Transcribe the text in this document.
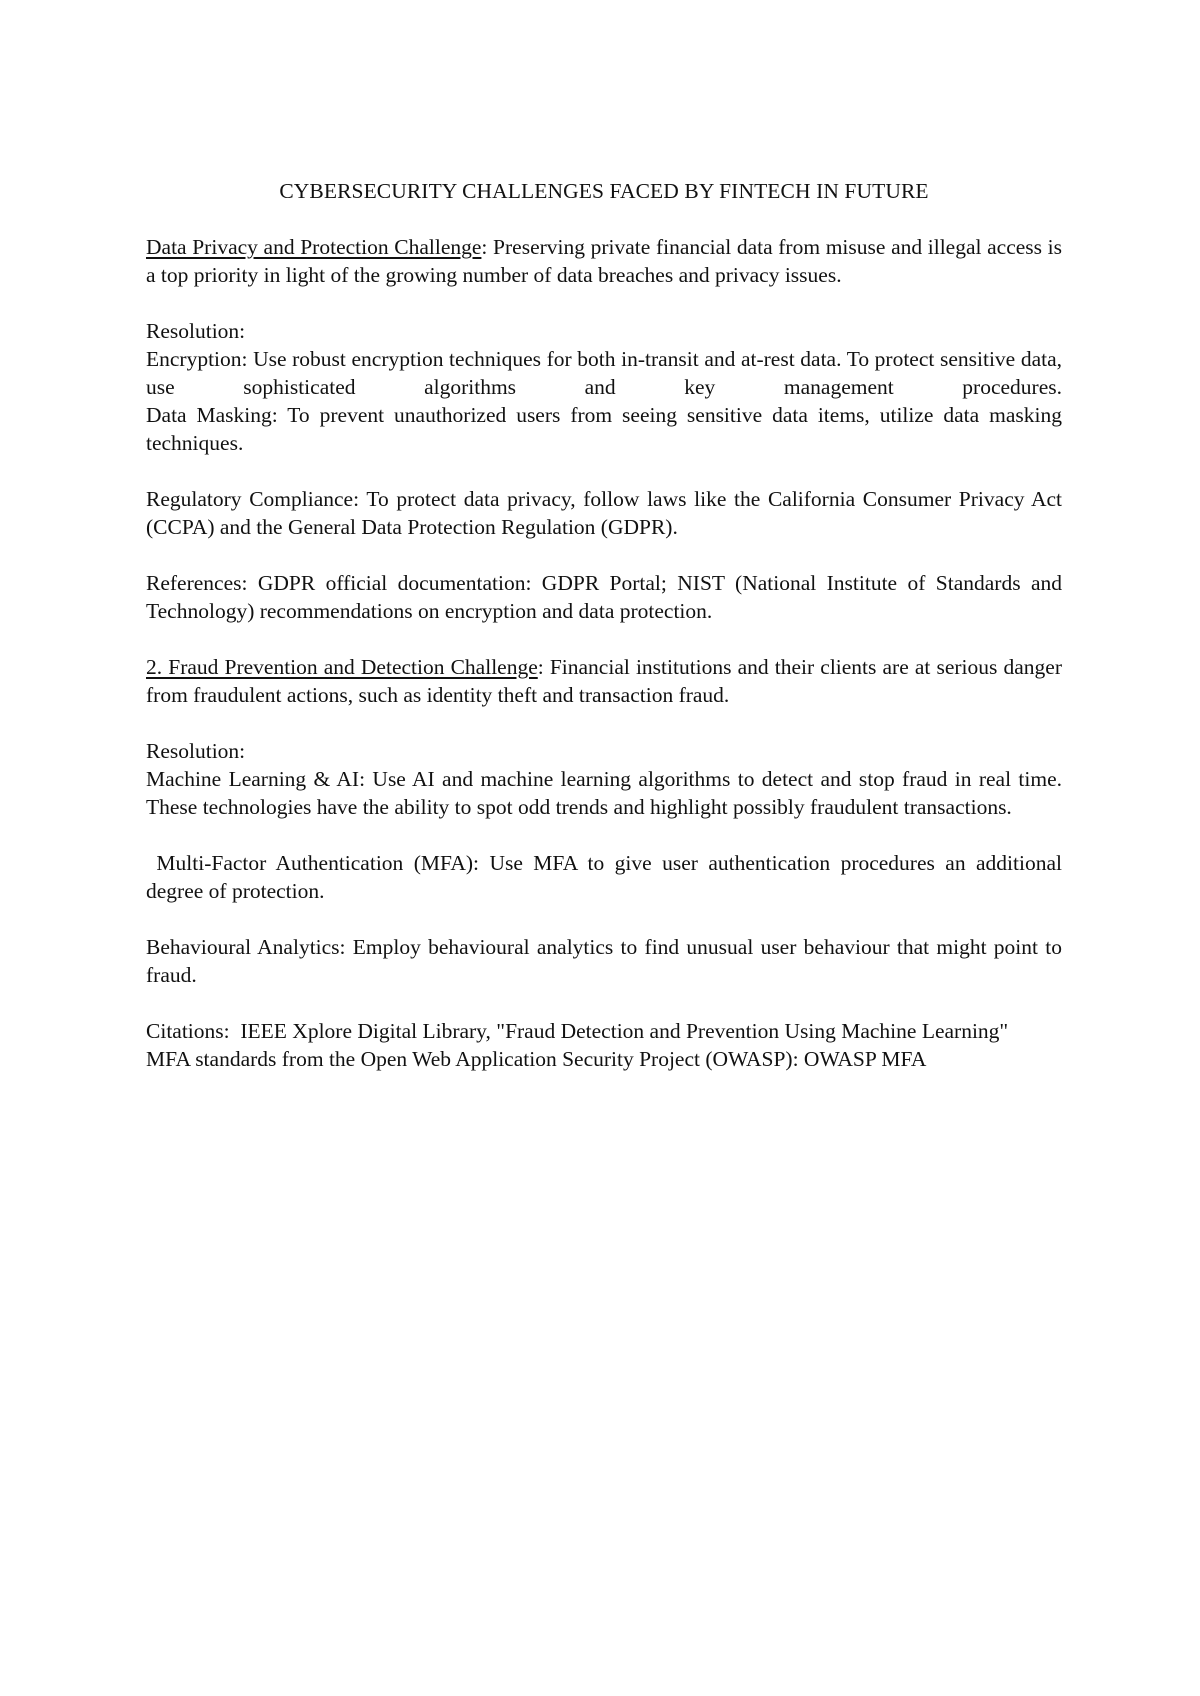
CYBERSECURITY CHALLENGES FACED BY FINTECH IN FUTURE

Data Privacy and Protection Challenge: Preserving private financial data from misuse and illegal access is a top priority in light of the growing number of data breaches and privacy issues.

Resolution:
Encryption: Use robust encryption techniques for both in-transit and at-rest data. To protect sensitive data, use sophisticated algorithms and key management procedures.
Data Masking: To prevent unauthorized users from seeing sensitive data items, utilize data masking techniques.

Regulatory Compliance: To protect data privacy, follow laws like the California Consumer Privacy Act (CCPA) and the General Data Protection Regulation (GDPR).

References: GDPR official documentation: GDPR Portal; NIST (National Institute of Standards and Technology) recommendations on encryption and data protection.

2. Fraud Prevention and Detection Challenge: Financial institutions and their clients are at serious danger from fraudulent actions, such as identity theft and transaction fraud.

Resolution:
Machine Learning & AI: Use AI and machine learning algorithms to detect and stop fraud in real time. These technologies have the ability to spot odd trends and highlight possibly fraudulent transactions.

Multi-Factor Authentication (MFA): Use MFA to give user authentication procedures an additional degree of protection.

Behavioural Analytics: Employ behavioural analytics to find unusual user behaviour that might point to fraud.

Citations:  IEEE Xplore Digital Library, "Fraud Detection and Prevention Using Machine Learning"
MFA standards from the Open Web Application Security Project (OWASP): OWASP MFA
